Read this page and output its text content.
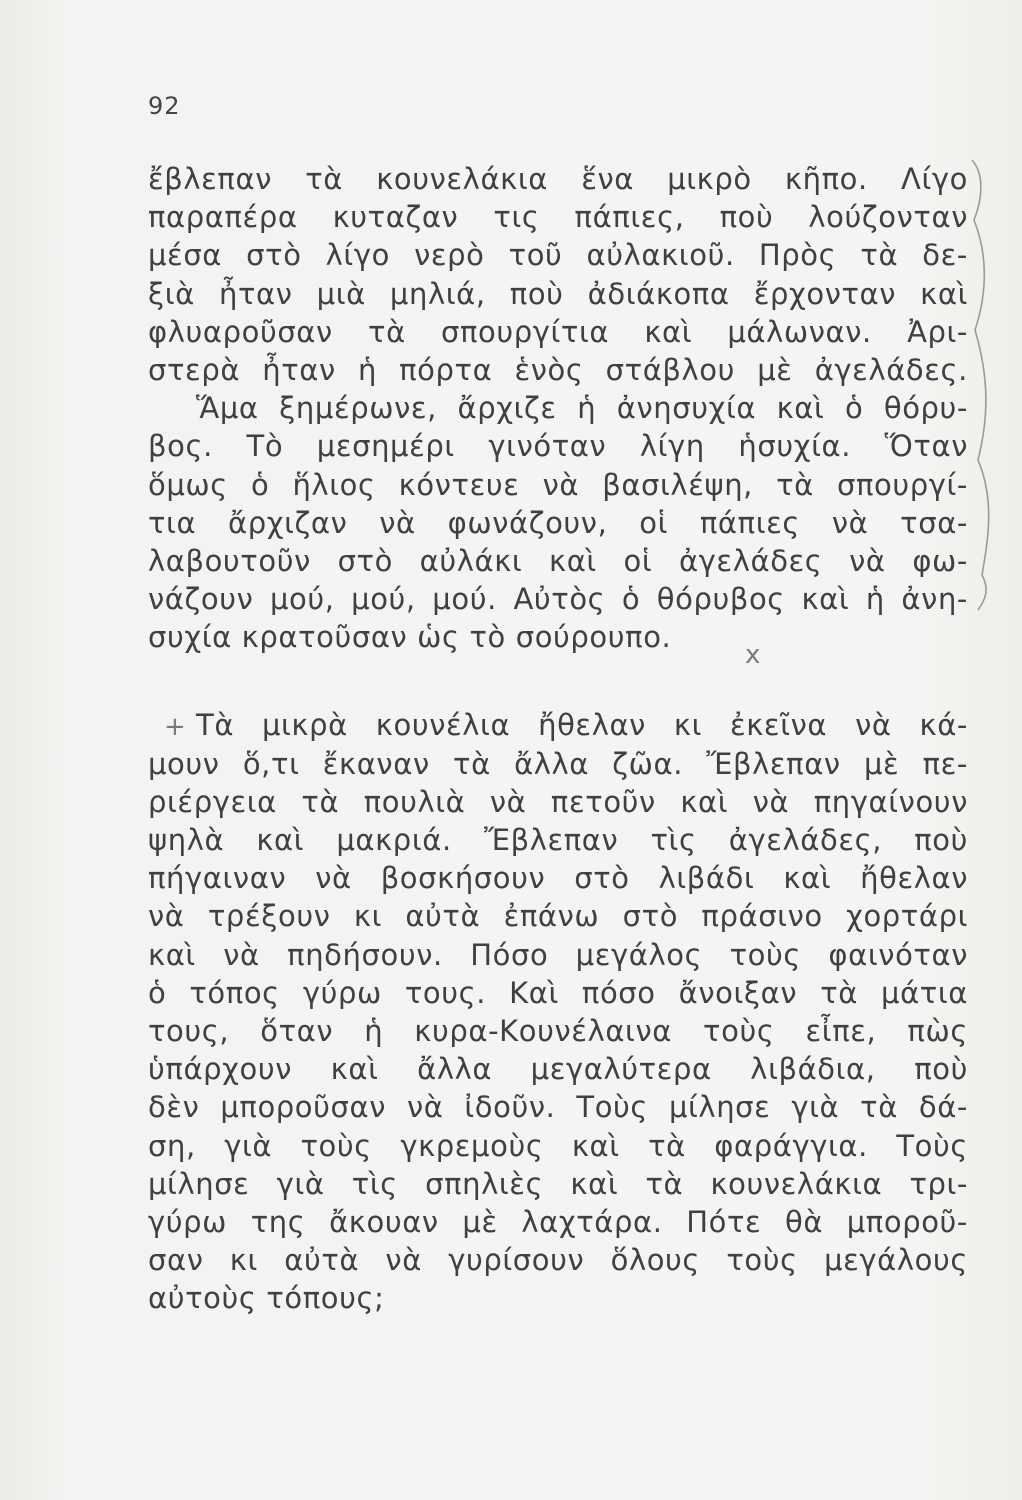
92
ἔβλεπαν τὰ κουνελάκια ἕνα μικρὸ κῆπο. Λίγο
παραπέρα κυταζαν τις πάπιες, ποὺ λούζονταν
μέσα στὸ λίγο νερὸ τοῦ αὐλακιοῦ. Πρὸς τὰ δε-
ξιὰ ἦταν μιὰ μηλιά, ποὺ ἀδιάκοπα ἔρχονταν καὶ
φλυαροῦσαν τὰ σπουργίτια καὶ μάλωναν. Ἀρι-
στερὰ ἦταν ἡ πόρτα ἑνὸς στάβλου μὲ ἀγελάδες.
Ἅμα ξημέρωνε, ἄρχιζε ἡ ἀνησυχία καὶ ὁ θόρυ-
βος. Τὸ μεσημέρι γινόταν λίγη ἡσυχία. Ὅταν
ὅμως ὁ ἥλιος κόντευε νὰ βασιλέψη, τὰ σπουργί-
τια ἄρχιζαν νὰ φωνάζουν, οἱ πάπιες νὰ τσα-
λαβουτοῦν στὸ αὐλάκι καὶ οἱ ἀγελάδες νὰ φω-
νάζουν μού, μού, μού. Αὐτὸς ὁ θόρυβος καὶ ἡ ἀνη-
συχία κρατοῦσαν ὡς τὸ σούρουπο.
Τὰ μικρὰ κουνέλια ἤθελαν κι ἐκεῖνα νὰ κά-
μουν ὅ,τι ἔκαναν τὰ ἄλλα ζῶα. Ἔβλεπαν μὲ πε-
ριέργεια τὰ πουλιὰ νὰ πετοῦν καὶ νὰ πηγαίνουν
ψηλὰ καὶ μακριά. Ἔβλεπαν τὶς ἀγελάδες, ποὺ
πήγαιναν νὰ βοσκήσουν στὸ λιβάδι καὶ ἤθελαν
νὰ τρέξουν κι αὐτὰ ἐπάνω στὸ πράσινο χορτάρι
καὶ νὰ πηδήσουν. Πόσο μεγάλος τοὺς φαινόταν
ὁ τόπος γύρω τους. Καὶ πόσο ἄνοιξαν τὰ μάτια
τους, ὅταν ἡ κυρα-Κουνέλαινα τοὺς εἶπε, πὼς
ὑπάρχουν καὶ ἄλλα μεγαλύτερα λιβάδια, ποὺ
δὲν μποροῦσαν νὰ ἰδοῦν. Τοὺς μίλησε γιὰ τὰ δά-
ση, γιὰ τοὺς γκρεμοὺς καὶ τὰ φαράγγια. Τοὺς
μίλησε γιὰ τὶς σπηλιὲς καὶ τὰ κουνελάκια τρι-
γύρω της ἄκουαν μὲ λαχτάρα. Πότε θὰ μποροῦ-
σαν κι αὐτὰ νὰ γυρίσουν ὅλους τοὺς μεγάλους
αὐτοὺς τόπους;
x
+
